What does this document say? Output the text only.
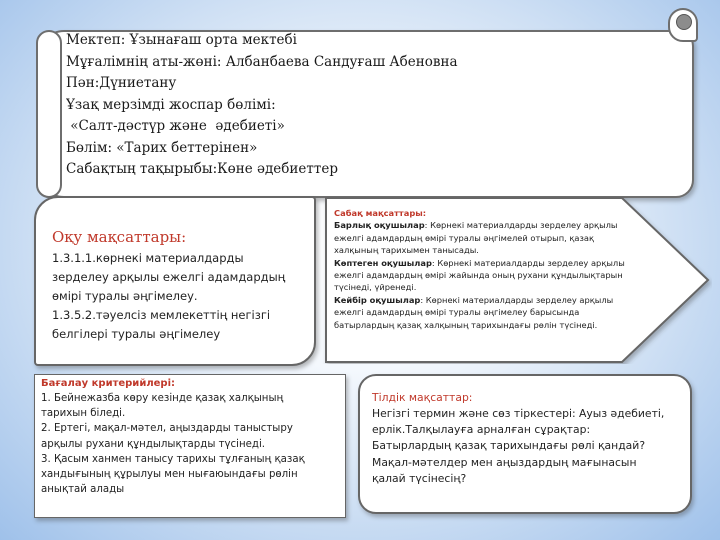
Мектеп: Ұзынағаш орта мектебі
Мұғалімнің аты-жөні: Албанбаева Сандуғаш Абеновна
Пән:Дүниетану
Ұзақ мерзімді жоспар бөлімі:
«Салт-дәстүр және  әдебиеті»
Бөлім: «Тарих беттерінен»
Сабақтың тақырыбы:Көне әдебиеттер
Оқу мақсаттары:
1.3.1.1.көрнекі материалдарды
зерделеу арқылы ежелгі адамдардың
өмірі туралы әңгімелеу.
1.3.5.2.тәуелсіз мемлекеттің негізгі
белгілері туралы әңгімелеу
Сабақ мақсаттары:
Барлық оқушылар: Көрнекі материалдарды зерделеу арқылы ежелгі адамдардың өмірі туралы әңгімелей отырып, қазақ халқының тарихымен танысады.
Көптеген оқушылар: Көрнекі материалдарды зерделеу арқылы ежелгі адамдардың өмірі жайында оның рухани құндылықтарын түсінеді, үйренеді.
Кейбір оқушылар: Көрнекі материалдарды зерделеу арқылы ежелгі адамдардың өмірі туралы әңгімелеу барысында батырлардың қазақ халқының тарихындағы рөлін түсінеді.
Бағалау критерийлері:
1. Бейнежазба көру кезінде қазақ халқының
тарихын біледі.
2. Ертегі, мақал-мәтел, аңыздарды таныстыру
арқылы рухани құндылықтарды түсінеді.
3. Қасым ханмен танысу тарихы тұлғаның қазақ
хандығының құрылуы мен нығаюындағы рөлін
анықтай алады
Тілдік мақсаттар:
Негізгі термин және сөз тіркестері: Ауыз әдебиеті,
ерлік.Талқылауға арналған сұрақтар:
Батырлардың қазақ тарихындағы рөлі қандай?
Мақал-мәтелдер мен аңыздардың мағынасын
қалай түсінесің?
